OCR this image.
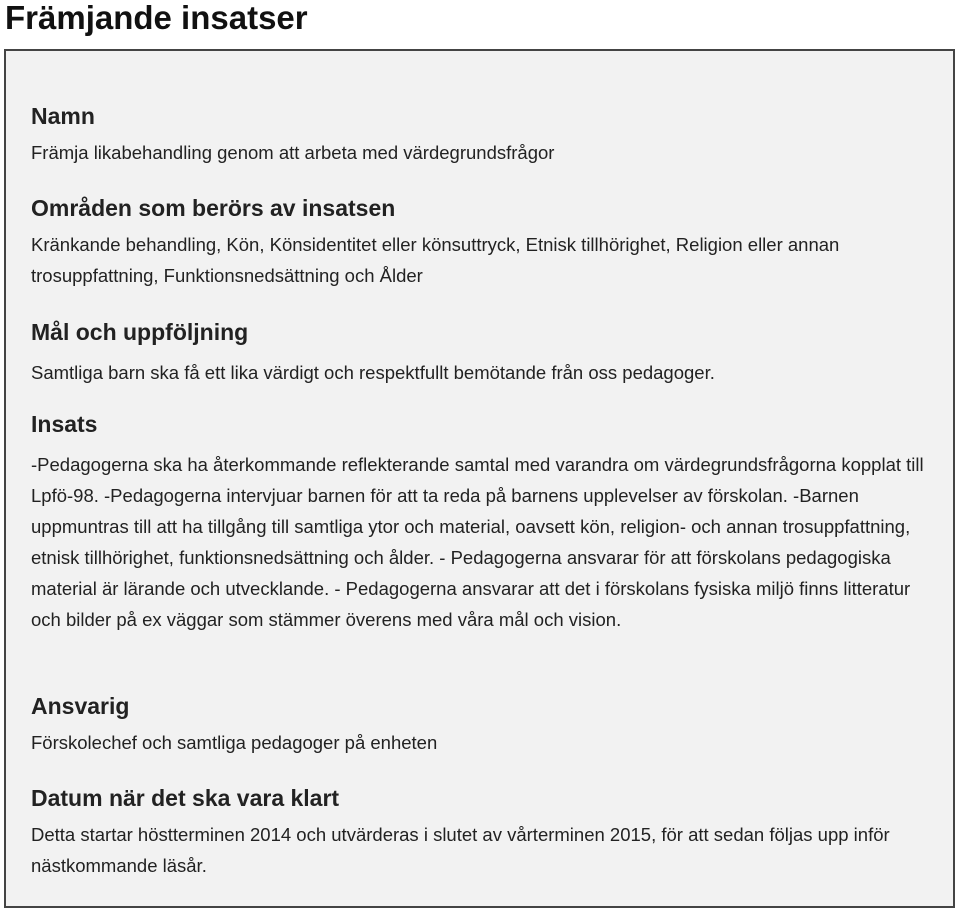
Främjande insatser
Namn

Främja likabehandling genom att arbeta med värdegrundsfrågor

Områden som berörs av insatsen

Kränkande behandling, Kön, Könsidentitet eller könsuttryck, Etnisk tillhörighet, Religion eller annan trosuppfattning, Funktionsnedsättning och Ålder

Mål och uppföljning

Samtliga barn ska få ett lika värdigt och respektfullt bemötande från oss pedagoger.

Insats

-Pedagogerna ska ha återkommande reflekterande samtal med varandra om värdegrundsfrågorna kopplat till Lpfö-98. -Pedagogerna intervjuar barnen för att ta reda på barnens upplevelser av förskolan. -Barnen uppmuntras till att ha tillgång till samtliga ytor och material, oavsett kön, religion- och annan trosuppfattning, etnisk tillhörighet, funktionsnedsättning och ålder. - Pedagogerna ansvarar för att förskolans pedagogiska material är lärande och utvecklande. - Pedagogerna ansvarar att det i förskolans fysiska miljö finns litteratur och bilder på ex väggar som stämmer överens med våra mål och vision.

Ansvarig

Förskolechef och samtliga pedagoger på enheten

Datum när det ska vara klart

Detta startar höstterminen 2014 och utvärderas i slutet av vårterminen 2015, för att sedan följas upp inför nästkommande läsår.
